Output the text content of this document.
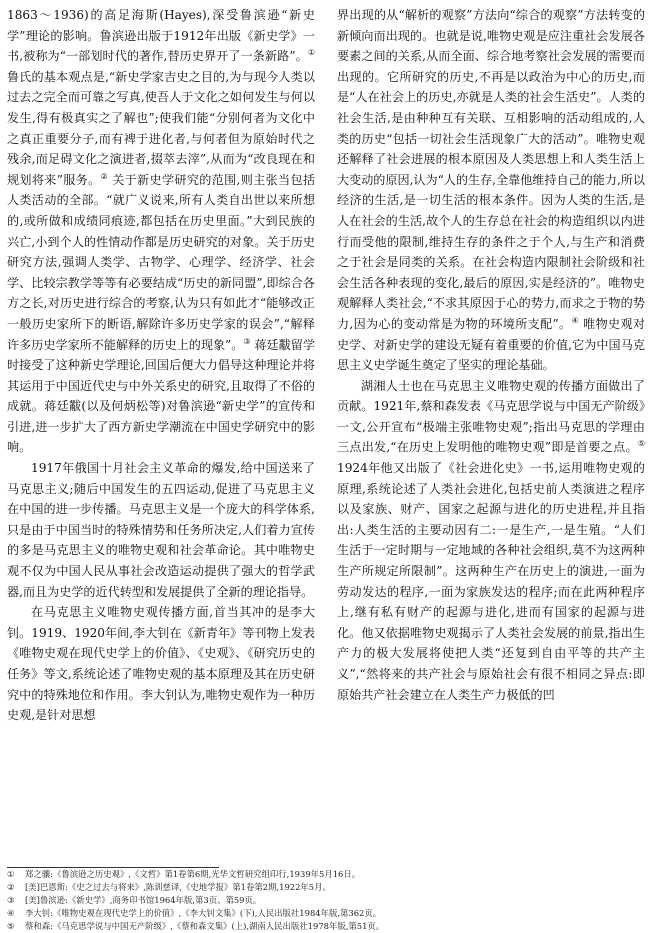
1863～1936)的高足海斯(Hayes),深受鲁滨逊“新史学”理论的影响。鲁滨逊出版于1912年出版《新史学》一书,被称为“一部划时代的著作,替历史界开了一条新路”。① 鲁氏的基本观点是,“新史学家吉史之目的,为与现今人类以过去之完全而可靠之写真,使吾人于文化之如何发生与何以发生,得有极真实之了解也”;使我们能“分别何者为文化中之真正重要分子,而有裨于进化者,与何者但为原始时代之残余,而足碍文化之演进者,掇萃去滓”,从而为“改良现在和规划将来”服务。② 关于新史学研究的范围,则主张当包括人类活动的全部。“就广义说来,所有人类自出世以来所想的,或所做和成绩同痕迹,都包括在历史里面。”大到民族的兴亡,小到个人的性情动作都是历史研究的对象。关于历史研究方法,强调人类学、古物学、心理学、经济学、社会学、比较宗教学等等有必要结成“历史的新同盟”,即综合各方之长,对历史进行综合的考察,认为只有如此才“能够改正一般历史家所下的断语,解除许多历史学家的误会”,“解释许多历史学家所不能解释的历史上的现象”。③ 蒋廷黻留学时接受了这种新史学理论,回国后便大力倡导这种理论并将其运用于中国近代史与中外关系史的研究,且取得了不俗的成就。蒋廷黻(以及何炳松等)对鲁滨逊“新史学”的宣传和引进,进一步扩大了西方新史学潮流在中国史学研究中的影响。

1917年俄国十月社会主义革命的爆发,给中国送来了马克思主义;随后中国发生的五四运动,促进了马克思主义在中国的进一步传播。马克思主义是一个庞大的科学体系,只是由于中国当时的特殊情势和任务所决定,人们着力宣传的多是马克思主义的唯物史观和社会革命论。其中唯物史观不仅为中国人民从事社会改造运动提供了强大的哲学武器,而且为史学的近代转型和发展提供了全新的理论指导。

在马克思主义唯物史观传播方面,首当其冲的是李大钊。1919、1920年间,李大钊在《新青年》等刊物上发表《唯物史观在现代史学上的价值》、《史观》、《研究历史的任务》等文,系统论述了唯物史观的基本原理及其在历史研究中的特殊地位和作用。李大钊认为,唯物史观作为一种历史观,是针对思想

界出现的从“解析的观察”方法向“综合的观察”方法转变的新倾向而出现的。也就是说,唯物史观是应注重社会发展各要素之间的关系,从而全面、综合地考察社会发展的需要而出现的。它所研究的历史,不再是以政治为中心的历史,而是“人在社会上的历史,亦就是人类的社会生活史”。人类的社会生活,是由种种互有关联、互相影响的活动组成的,人类的历史“包括一切社会生活现象广大的活动”。唯物史观还解释了社会进展的根本原因及人类思想上和人类生活上大变动的原因,认为“人的生存,全靠他维持自己的能力,所以经济的生活,是一切生活的根本条件。因为人类的生活,是人在社会的生活,故个人的生存总在社会的构造组织以内进行而受他的限制,维持生存的条件之于个人,与生产和消费之于社会是同类的关系。在社会构造内限制社会阶级和社会生活各种表现的变化,最后的原因,实是经济的”。唯物史观解释人类社会,“不求其原因于心的势力,而求之于物的势力,因为心的变动常是为物的环境所支配”。④ 唯物史观对史学、对新史学的建设无疑有着重要的价值,它为中国马克思主义史学诞生奠定了坚实的理论基础。

湖湘人士也在马克思主义唯物史观的传播方面做出了贡献。1921年,蔡和森发表《马克思学说与中国无产阶级》一文,公开宣布“极端主张唯物史观”;指出马克思的学理由三点出发,“在历史上发明他的唯物史观”即是首要之点。⑤ 1924年他又出版了《社会进化史》一书,运用唯物史观的原理,系统论述了人类社会进化,包括史前人类演进之程序以及家族、财产、国家之起源与进化的历史进程,并且指出:人类生活的主要动因有二:一是生产,一是生殖。“人们生活于一定时期与一定地域的各种社会组织,莫不为这两种生产所规定所限制”。这两种生产在历史上的演进,一面为劳动发达的程序,一面为家族发达的程序;而在此两种程序上,继有私有财产的起源与进化,进而有国家的起源与进化。他又依据唯物史观揭示了人类社会发展的前景,指出生产力的极大发展将使把人类“还复到自由平等的共产主义”,“然将来的共产社会与原始社会有很不相同之异点:即原始共产社会建立在人类生产力极低的凹

①	郑之骧:《鲁滨逊之历史观》,《文哲》第1卷第6期,光华文哲研究组印行,1939年5月16日。
②	[美]巴恩斯:《史之过去与将来》,陈训慈译,《史地学报》第1卷第2期,1922年5月。
③	[美]鲁滨逊:《新史学》,商务印书馆1964年版,第3页、第59页。
④	李大钊:《唯物史观在现代史学上的价值》,《李大钊文集》(下),人民出版社1984年版,第362页。
⑤	蔡和森:《马克思学说与中国无产阶级》,《蔡和森文集》(上),湖南人民出版社1978年版,第51页。
